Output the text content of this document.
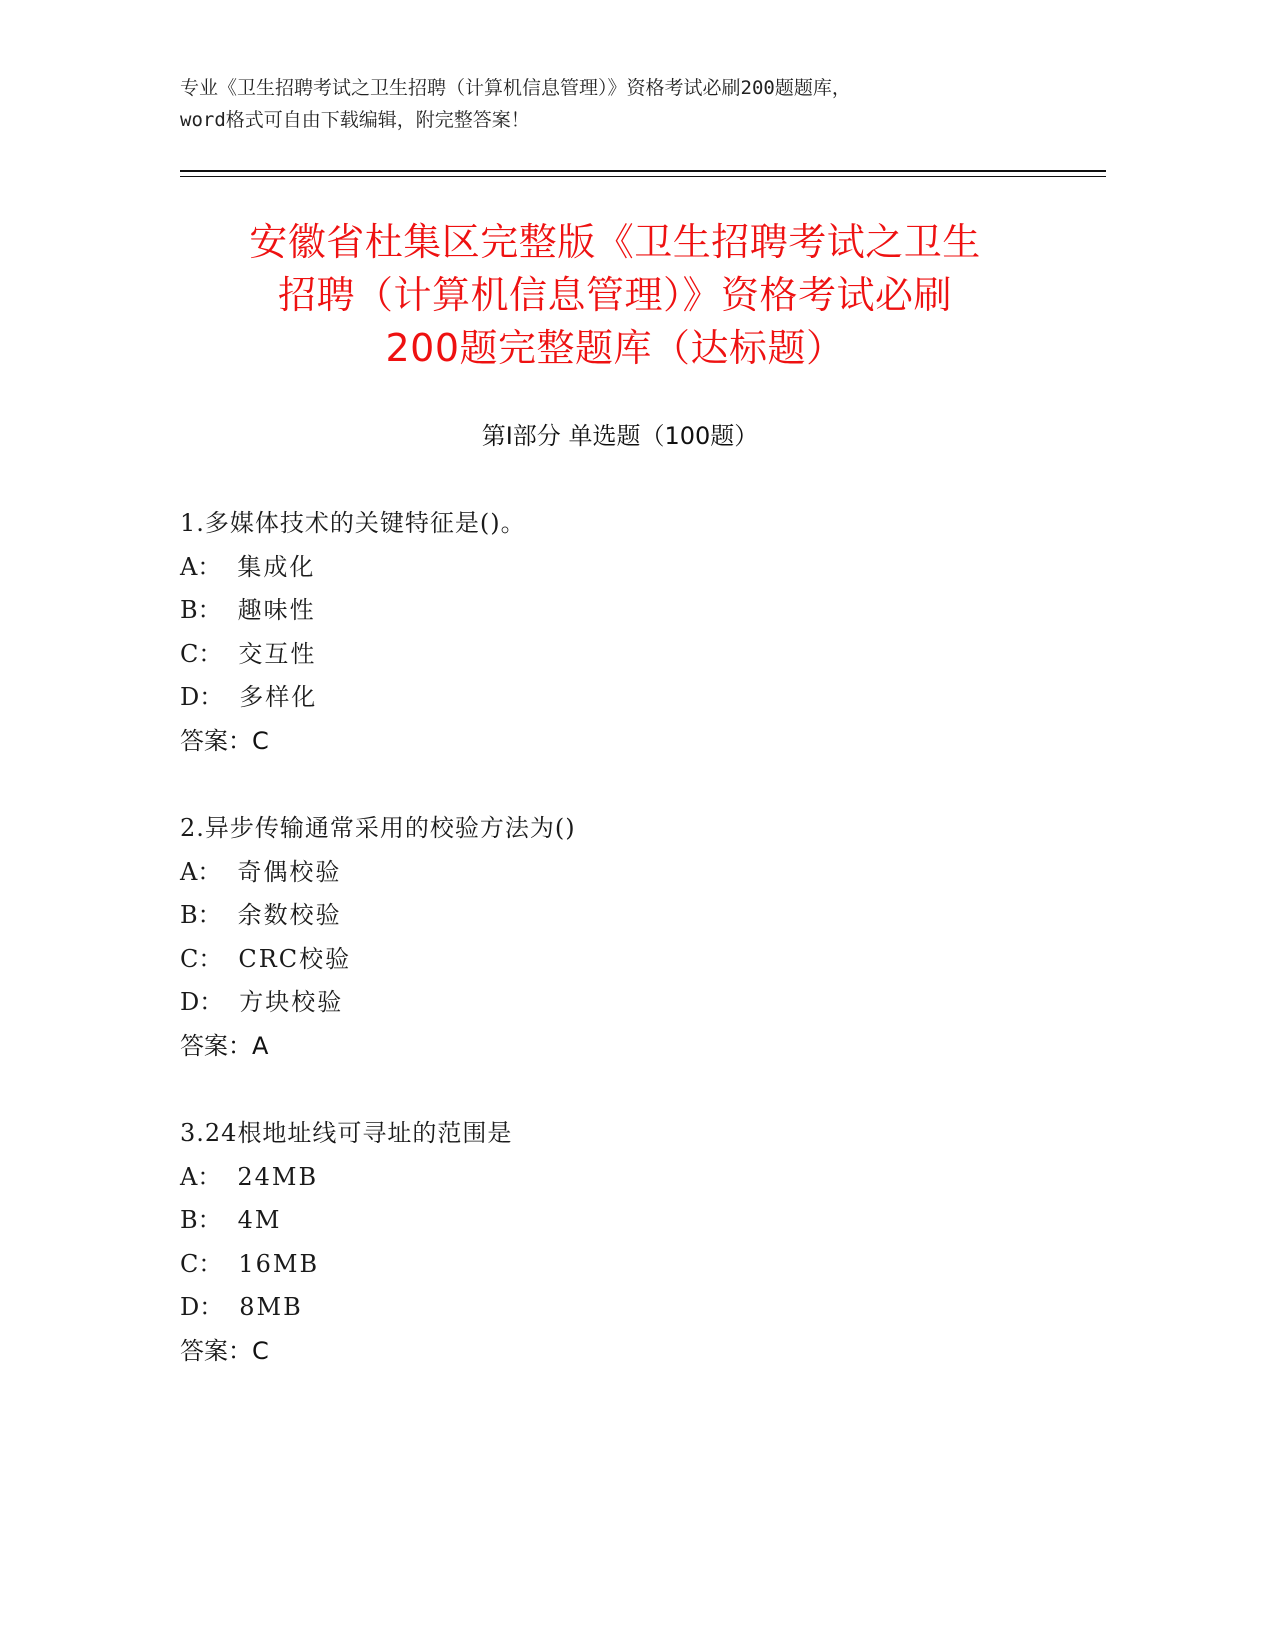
专业《卫生招聘考试之卫生招聘（计算机信息管理）》资格考试必刷200题题库，
word格式可自由下载编辑，附完整答案！
安徽省杜集区完整版《卫生招聘考试之卫生
招聘（计算机信息管理）》资格考试必刷
200题完整题库（达标题）
第Ⅰ部分 单选题（100题）
1.多媒体技术的关键特征是()。
A： 集成化
B： 趣味性
C： 交互性
D： 多样化
答案：C
2.异步传输通常采用的校验方法为()
A： 奇偶校验
B： 余数校验
C： CRC校验
D： 方块校验
答案：A
3.24根地址线可寻址的范围是
A： 24MB
B： 4M
C： 16MB
D： 8MB
答案：C
